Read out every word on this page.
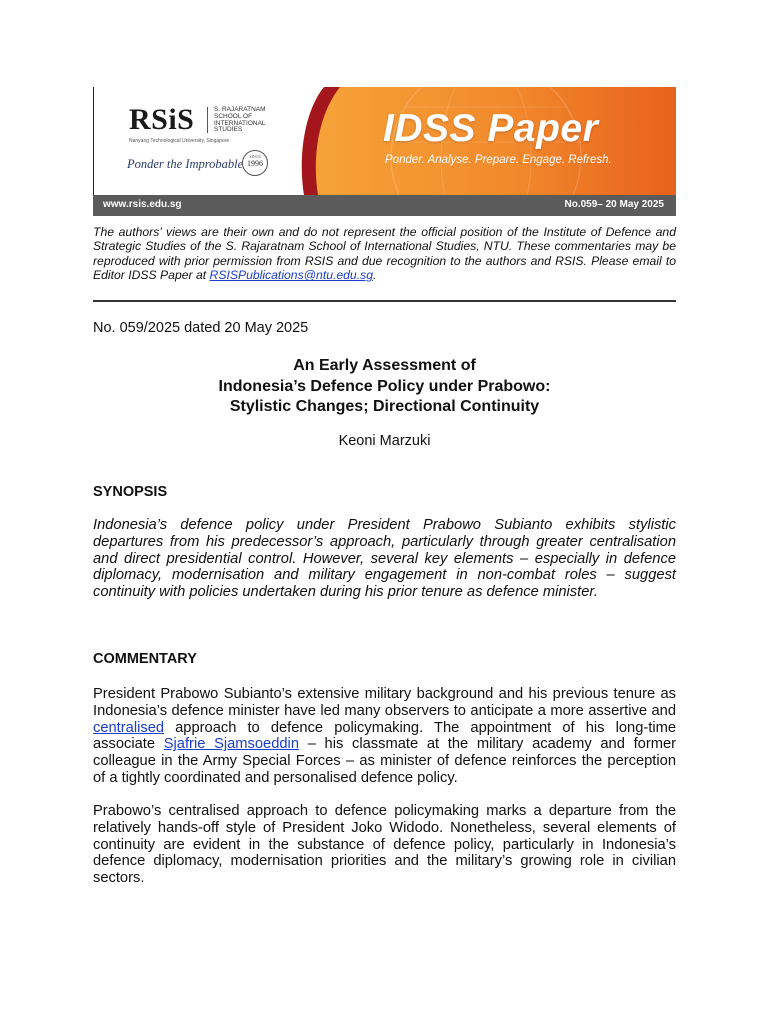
RSiS	S. RAJARATNAM
SCHOOL OF
INTERNATIONAL
STUDIES
Nanyang Technological University, Singapore
Ponder the Improbable
SINCE
1996
IDSS Paper
Ponder. Analyse. Prepare. Engage. Refresh.
www.rsis.edu.sg	No.059– 20 May 2025
The authors’ views are their own and do not represent the official position of the Institute of Defence and Strategic Studies of the S. Rajaratnam School of International Studies, NTU. These commentaries may be reproduced with prior permission from RSIS and due recognition to the authors and RSIS. Please email to Editor IDSS Paper at RSISPublications@ntu.edu.sg.
No. 059/2025 dated 20 May 2025
An Early Assessment of
Indonesia’s Defence Policy under Prabowo:
Stylistic Changes; Directional Continuity
Keoni Marzuki
SYNOPSIS
Indonesia’s defence policy under President Prabowo Subianto exhibits stylistic departures from his predecessor’s approach, particularly through greater centralisation and direct presidential control. However, several key elements – especially in defence diplomacy, modernisation and military engagement in non-combat roles – suggest continuity with policies undertaken during his prior tenure as defence minister.
COMMENTARY
President Prabowo Subianto’s extensive military background and his previous tenure as Indonesia’s defence minister have led many observers to anticipate a more assertive and centralised approach to defence policymaking. The appointment of his long-time associate Sjafrie Sjamsoeddin – his classmate at the military academy and former colleague in the Army Special Forces – as minister of defence reinforces the perception of a tightly coordinated and personalised defence policy.
Prabowo’s centralised approach to defence policymaking marks a departure from the relatively hands-off style of President Joko Widodo. Nonetheless, several elements of continuity are evident in the substance of defence policy, particularly in Indonesia’s defence diplomacy, modernisation priorities and the military’s growing role in civilian sectors.
